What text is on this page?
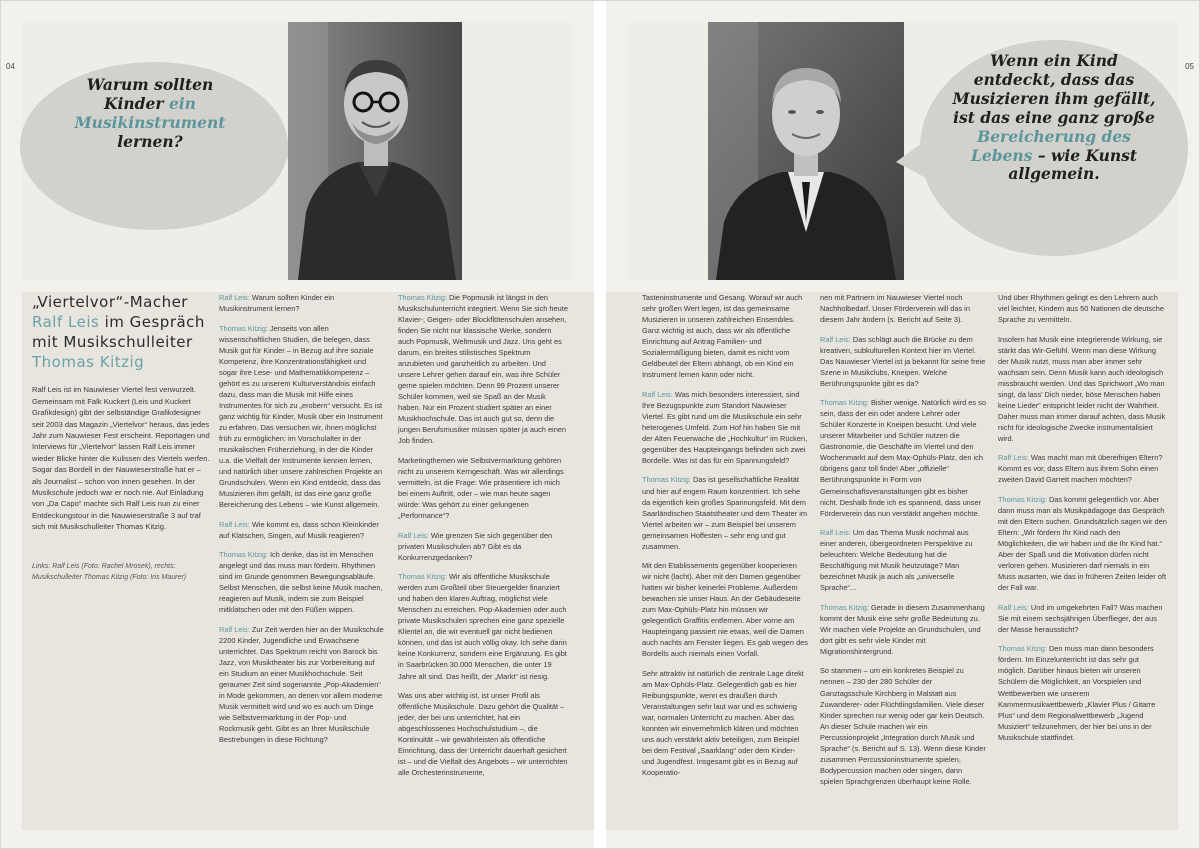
Warum sollten
Kinder ein
Musikinstrument
lernen?
04
„Viertelvor“-Macher
Ralf Leis im Gespräch
mit Musikschulleiter
Thomas Kitzig
Ralf Leis ist im Nauwieser Viertel fest verwurzelt. Gemeinsam mit Falk Kuckert (Leis und Kuckert Grafikdesign) gibt der selbständige Grafikdesigner seit 2003 das Magazin „Viertelvor“ heraus, das jedes Jahr zum Nauwieser Fest erscheint. Reportagen und Interviews für „Viertelvor“ lassen Ralf Leis immer wieder Blicke hinter die Kulissen des Viertels werfen. Sogar das Bordell in der Nauwieserstraße hat er – als Journalist – schon von innen gesehen. In der Musikschule jedoch war er noch nie. Auf Einladung von „Da Capo“ machte sich Ralf Leis nun zu einer Entdeckungstour in die Nauwieserstraße 3 auf traf sich mit Musikschulleiter Thomas Kitzig.
Links: Ralf Leis (Foto: Rachel Mrosek), rechts: Musikschulleiter Thomas Kitzig (Foto: Iris Maurer)

Ralf Leis: Warum sollten Kinder ein Musikinstrument lernen?

Thomas Kitzig: Jenseits von allen wissenschaftlichen Studien, die belegen, dass Musik gut für Kinder – in Bezug auf ihre soziale Kompetenz, ihre Konzentrationsfähigkeit und sogar ihre Lese- und Mathematikkompetenz – gehört es zu unserem Kulturverständnis einfach dazu, dass man die Musik mit Hilfe eines Instrumentes für sich zu „erobern“ versucht. Es ist ganz wichtig für Kinder, Musik über ein Instrument zu erfahren. Das versuchen wir, ihnen möglichst früh zu ermöglichen: im Vorschulalter in der musikalischen Früherziehung, in der die Kinder u.a. die Vielfalt der Instrumente kennen lernen, und natürlich über unsere zahlreichen Projekte an Grundschulen. Wenn ein Kind entdeckt, dass das Musizieren ihm gefällt, ist das eine ganz große Bereicherung des Lebens – wie Kunst allgemein.

Ralf Leis: Wie kommt es, dass schon Kleinkinder auf Klatschen, Singen, auf Musik reagieren?

Thomas Kitzig: Ich denke, das ist im Menschen angelegt und das muss man fördern. Rhythmen sind im Grunde genommen Bewegungsabläufe. Selbst Menschen, die selbst keine Musik machen, reagieren auf Musik, indem sie zum Beispiel mitklatschen oder mit den Füßen wippen.

Ralf Leis: Zur Zeit werden hier an der Musikschule 2200 Kinder, Jugendliche und Erwachsene unterrichtet. Das Spektrum reicht von Barock bis Jazz, von Musiktheater bis zur Vorbereitung auf ein Studium an einer Musikhochschule. Seit geraumer Zeit sind sogenannte „Pop-Akademien“ in Mode gekommen, an denen vor allem moderne Musik vermittelt wird und wo es auch um Dinge wie Selbstvermarktung in der Pop- und Rockmusik geht. Gibt es an Ihrer Musikschule Bestrebungen in diese Richtung?

Thomas Kitzig: Die Popmusik ist längst in den Musikschulunterricht integriert. Wenn Sie sich heute Klavier-, Geigen- oder Blockflötenschulen ansehen, finden Sie nicht nur klassische Werke, sondern auch Popmusik, Weltmusik und Jazz. Uns geht es darum, ein breites stilistisches Spektrum anzubieten und ganzheitlich zu arbeiten. Und unsere Lehrer gehen darauf ein, was ihre Schüler gerne spielen möchten. Denn 99 Prozent unserer Schüler kommen, weil sie Spaß an der Musik haben. Nur ein Prozent studiert später an einer Musikhochschule. Das ist auch gut so, denn die jungen Berufsmusiker müssen später ja auch einen Job finden.

Marketingthemen wie Selbstvermarktung gehören nicht zu unserem Kerngeschäft. Was wir allerdings vermitteln, ist die Frage: Wie präsentiere ich mich bei einem Auftritt, oder – wie man heute sagen würde: Was gehört zu einer gelungenen „Performance“?

Ralf Leis: Wie grenzen Sie sich gegenüber den privaten Musikschulen ab? Gibt es da Konkurrenzgedanken?

Thomas Kitzig: Wir als öffentliche Musikschule werden zum Großteil über Steuergelder finanziert und haben den klaren Auftrag, möglichst viele Menschen zu erreichen. Pop-Akademien oder auch private Musikschulen sprechen eine ganz spezielle Klientel an, die wir eventuell gar nicht bedienen können, und das ist auch völlig okay. Ich sehe darin keine Konkurrenz, sondern eine Ergänzung. Es gibt in Saarbrücken 30.000 Menschen, die unter 19 Jahre alt sind. Das heißt, der „Markt“ ist riesig.

Was uns aber wichtig ist, ist unser Profil als öffentliche Musikschule. Dazu gehört die Qualität – jeder, der bei uns unterrichtet, hat ein abgeschlossenes Hochschulstudium –, die Kontinuität – wir gewährleisten als öffentliche Einrichtung, dass der Unterricht dauerhaft gesichert ist – und die Vielfalt des Angebots – wir unterrichten alle Orchesterinstrumente,

Wenn ein Kind
entdeckt, dass das
Musizieren ihm gefällt,
ist das eine ganz große
Bereicherung des
Lebens – wie Kunst
allgemein.
05

Tasteninstrumente und Gesang. Worauf wir auch sehr großen Wert legen, ist das gemeinsame Musizieren in unseren zahlreichen Ensembles. Ganz wichtig ist auch, dass wir als öffentliche Einrichtung auf Antrag Familien- und Sozialermäßigung bieten, damit es nicht vom Geldbeutel der Eltern abhängt, ob ein Kind ein Instrument lernen kann oder nicht.

Ralf Leis: Was mich besonders interessiert, sind Ihre Bezugspunkte zum Standort Nauwieser Viertel. Es gibt rund um die Musikschule ein sehr heterogenes Umfeld. Zum Hof hin haben Sie mit der Alten Feuerwache die „Hochkultur“ im Rücken, gegenüber des Haupteingangs befinden sich zwei Bordelle. Was ist das für ein Spannungsfeld?

Thomas Kitzig: Das ist gesellschaftliche Realität und hier auf engem Raum konzentriert. Ich sehe da eigentlich kein großes Spannungsfeld. Mit dem Saarländischen Staatstheater und dem Theater im Viertel arbeiten wir – zum Beispiel bei unserem gemeinsamen Hoffesten – sehr eng und gut zusammen.

Mit den Etablissements gegenüber kooperieren wir nicht (lacht). Aber mit den Damen gegenüber hatten wir bisher keinerlei Probleme. Außerdem bewachen sie unser Haus. An der Gebäudeseite zum Max-Ophüls-Platz hin müssen wir gelegentlich Graffitis entfernen. Aber vorne am Haupteingang passiert nie etwas, weil die Damen auch nachts am Fenster liegen. Es gab wegen des Bordells auch niemals einen Vorfall.

Sehr attraktiv ist natürlich die zentrale Lage direkt am Max-Ophüls-Platz. Gelegentlich gab es hier Reibungspunkte, wenn es draußen durch Veranstaltungen sehr laut war und es schwierig war, normalen Unterricht zu machen. Aber das konnten wir einvernehmlich klären und möchten uns auch verstärkt aktiv beteiligen, zum Beispiel bei dem Festival „Saarklang“ oder dem Kinder- und Jugendfest. Insgesamt gibt es in Bezug auf Kooperatio-

nen mit Partnern im Nauwieser Viertel noch Nachholbedarf. Unser Förderverein will das in diesem Jahr ändern (s. Bericht auf Seite 3).

Ralf Leis: Das schlägt auch die Brücke zu dem kreativen, subkulturellen Kontext hier im Viertel. Das Nauwieser Viertel ist ja bekannt für seine freie Szene in Musikclubs, Kneipen. Welche Berührungspunkte gibt es da?

Thomas Kitzig: Bisher wenige. Natürlich wird es so sein, dass der ein oder andere Lehrer oder Schüler Konzerte in Kneipen besucht. Und viele unserer Mitarbeiter und Schüler nutzen die Gastronomie, die Geschäfte im Viertel und den Wochenmarkt auf dem Max-Ophüls-Platz, den ich übrigens ganz toll finde! Aber „offizielle“ Berührungspunkte in Form von Gemeinschaftsveranstaltungen gibt es bisher nicht. Deshalb finde ich es spannend, dass unser Förderverein das nun verstärkt angehen möchte.

Ralf Leis: Um das Thema Musik nochmal aus einer anderen, übergeordneten Perspektive zu beleuchten: Welche Bedeutung hat die Beschäftigung mit Musik heutzutage? Man bezeichnet Musik ja auch als „universelle Sprache“...

Thomas Kitzig: Gerade in diesem Zusammenhang kommt der Musik eine sehr große Bedeutung zu. Wir machen viele Projekte an Grundschulen, und dort gibt es sehr viele Kinder mit Migrationshintergrund.

So stammen – um ein konkretes Beispiel zu nennen – 230 der 280 Schüler der Ganztagsschule Kirchberg in Malstatt aus Zuwanderer- oder Flüchtlingsfamilien. Viele dieser Kinder sprechen nur wenig oder gar kein Deutsch. An dieser Schule machen wir ein Percussionprojekt „Integration durch Musik und Sprache“ (s. Bericht auf S. 13). Wenn diese Kinder zusammen Percussioninstrumente spielen, Bodypercussion machen oder singen, dann spielen Sprachgrenzen überhaupt keine Rolle.

Und über Rhythmen gelingt es den Lehrern auch viel leichter, Kindern aus 50 Nationen die deutsche Sprache zu vermitteln.

Insofern hat Musik eine integrierende Wirkung, sie stärkt das Wir-Gefühl. Wenn man diese Wirkung der Musik nutzt, muss man aber immer sehr wachsam sein. Denn Musik kann auch ideologisch missbraucht werden. Und das Sprichwort „Wo man singt, da lass’ Dich nieder, böse Menschen haben keine Lieder“ entspricht leider nicht der Wahrheit. Daher muss man immer darauf achten, dass Musik nicht für ideologische Zwecke instrumentalisiert wird.

Ralf Leis: Was macht man mit übereifrigen Eltern? Kommt es vor, dass Eltern aus ihrem Sohn einen zweiten David Garrett machen möchten?

Thomas Kitzig: Das kommt gelegentlich vor. Aber dann muss man als Musikpädagoge das Gespräch mit den Eltern suchen. Grundsätzlich sagen wir den Eltern: „Wir fördern Ihr Kind nach den Möglichkeiten, die wir haben und die Ihr Kind hat.“ Aber der Spaß und die Motivation dürfen nicht verloren gehen. Musizieren darf niemals in ein Muss ausarten, wie das in früheren Zeiten leider oft der Fall war.

Ralf Leis: Und im umgekehrten Fall? Was machen Sie mit einem sechsjährigen Überflieger, der aus der Masse heraussticht?

Thomas Kitzig: Den muss man dann besonders fördern. Im Einzelunterricht ist das sehr gut möglich. Darüber hinaus bieten wir unseren Schülern die Möglichkeit, an Vorspielen und Wettbewerben wie unserem Kammermusikwettbewerb „Klavier Plus / Gitarre Plus“ und dem Regionalwettbewerb „Jugend Musiziert“ teilzunehmen, der hier bei uns in der Musikschule stattfindet.
